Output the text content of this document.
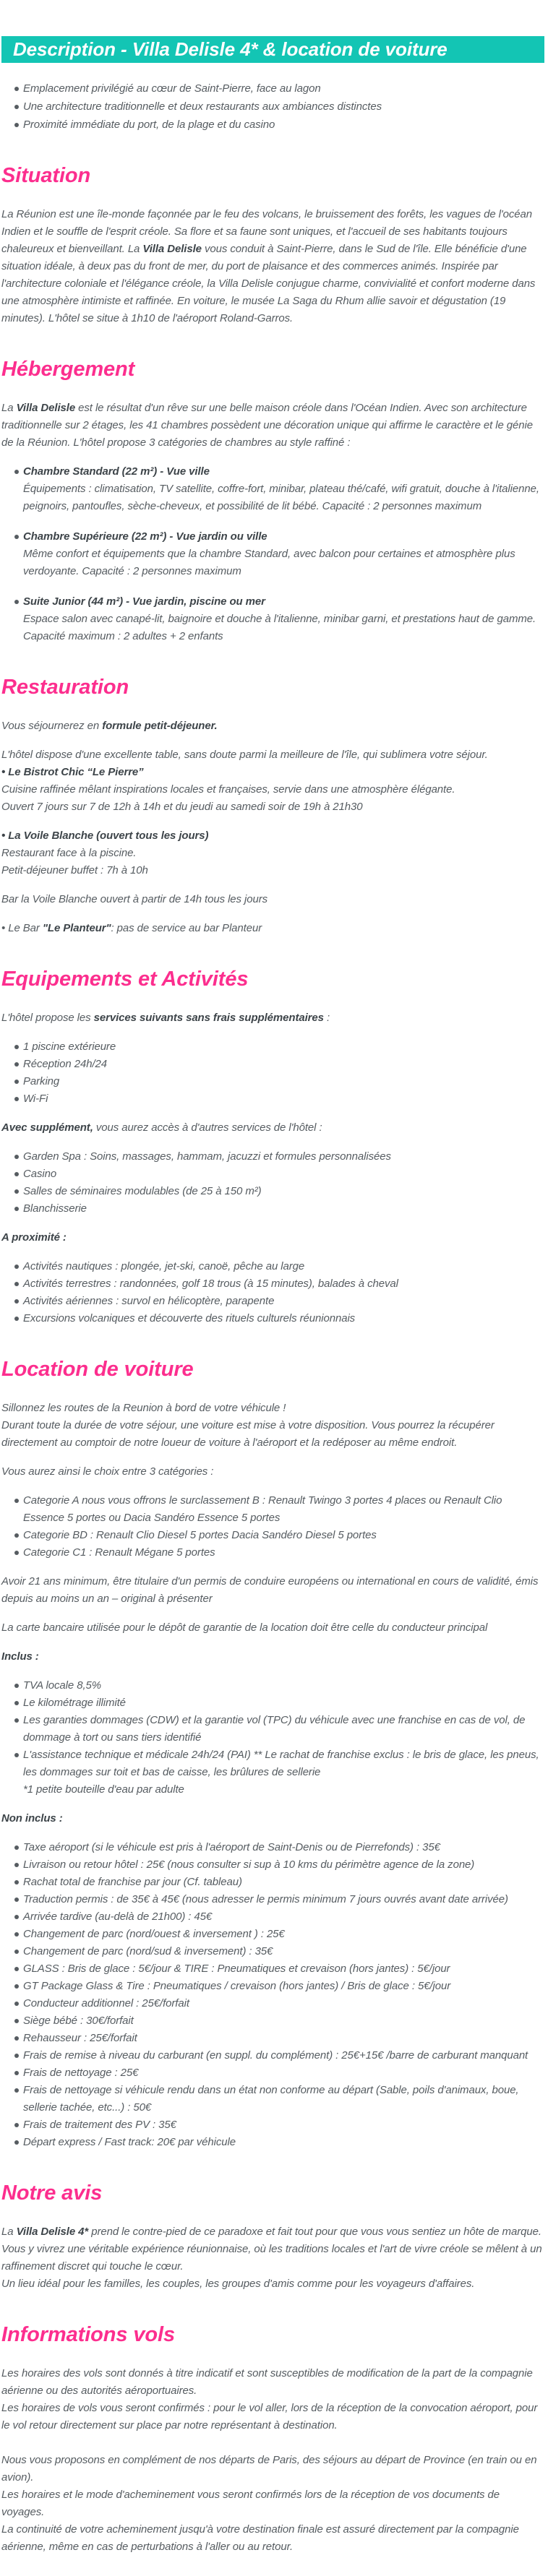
Description - Villa Delisle 4* & location de voiture
Emplacement privilégié au cœur de Saint-Pierre, face au lagon
Une architecture traditionnelle et deux restaurants aux ambiances distinctes
Proximité immédiate du port, de la plage et du casino
Situation

La Réunion est une île-monde façonnée par le feu des volcans, le bruissement des forêts, les vagues de l'océan Indien et le souffle de l'esprit créole. Sa flore et sa faune sont uniques, et l'accueil de ses habitants toujours chaleureux et bienveillant. La Villa Delisle vous conduit à Saint-Pierre, dans le Sud de l'île. Elle bénéficie d'une situation idéale, à deux pas du front de mer, du port de plaisance et des commerces animés. Inspirée par l'architecture coloniale et l'élégance créole, la Villa Delisle conjugue charme, convivialité et confort moderne dans une atmosphère intimiste et raffinée. En voiture, le musée La Saga du Rhum allie savoir et dégustation (19 minutes). L'hôtel se situe à 1h10 de l'aéroport Roland-Garros.

Hébergement

La Villa Delisle est le résultat d'un rêve sur une belle maison créole dans l'Océan Indien. Avec son architecture traditionnelle sur 2 étages, les 41 chambres possèdent une décoration unique qui affirme le caractère et le génie de la Réunion. L'hôtel propose 3 catégories de chambres au style raffiné :

Chambre Standard (22 m²) - Vue ville
Équipements : climatisation, TV satellite, coffre-fort, minibar, plateau thé/café, wifi gratuit, douche à l'italienne, peignoirs, pantoufles, sèche-cheveux, et possibilité de lit bébé. Capacité : 2 personnes maximum
Chambre Supérieure (22 m²) - Vue jardin ou ville
Même confort et équipements que la chambre Standard, avec balcon pour certaines et atmosphère plus verdoyante. Capacité : 2 personnes maximum
Suite Junior (44 m²) - Vue jardin, piscine ou mer
Espace salon avec canapé-lit, baignoire et douche à l'italienne, minibar garni, et prestations haut de gamme. Capacité maximum : 2 adultes + 2 enfants
Restauration

Vous séjournerez en formule petit-déjeuner.

L'hôtel dispose d'une excellente table, sans doute parmi la meilleure de l'île, qui sublimera votre séjour.

• Le Bistrot Chic “Le Pierre”

Cuisine raffinée mêlant inspirations locales et françaises, servie dans une atmosphère élégante.

Ouvert 7 jours sur 7 de 12h à 14h et du jeudi au samedi soir de 19h à 21h30

• La Voile Blanche (ouvert tous les jours)

Restaurant face à la piscine.

Petit-déjeuner buffet : 7h à 10h

Bar la Voile Blanche ouvert à partir de 14h tous les jours

• Le Bar "Le Planteur": pas de service au bar Planteur

Equipements et Activités

L'hôtel propose les services suivants sans frais supplémentaires :

1 piscine extérieure
Réception 24h/24
Parking
Wi-Fi

Avec supplément, vous aurez accès à d'autres services de l'hôtel :

Garden Spa : Soins, massages, hammam, jacuzzi et formules personnalisées
Casino
Salles de séminaires modulables (de 25 à 150 m²)
Blanchisserie

A proximité :

Activités nautiques : plongée, jet-ski, canoë, pêche au large
Activités terrestres : randonnées, golf 18 trous (à 15 minutes), balades à cheval
Activités aériennes : survol en hélicoptère, parapente
Excursions volcaniques et découverte des rituels culturels réunionnais
Location de voiture

Sillonnez les routes de la Reunion à bord de votre véhicule !

Durant toute la durée de votre séjour, une voiture est mise à votre disposition. Vous pourrez la récupérer directement au comptoir de notre loueur de voiture à l'aéroport et la redéposer au même endroit.

Vous aurez ainsi le choix entre 3 catégories :

Categorie A nous vous offrons le surclassement B : Renault Twingo 3 portes 4 places ou Renault Clio Essence 5 portes ou Dacia Sandéro Essence 5 portes
Categorie BD : Renault Clio Diesel 5 portes Dacia Sandéro Diesel 5 portes
Categorie C1 : Renault Mégane 5 portes

Avoir 21 ans minimum, être titulaire d'un permis de conduire européens ou international en cours de validité, émis depuis au moins un an – original à présenter

La carte bancaire utilisée pour le dépôt de garantie de la location doit être celle du conducteur principal

Inclus :

TVA locale 8,5%
Le kilométrage illimité
Les garanties dommages (CDW) et la garantie vol (TPC) du véhicule avec une franchise en cas de vol, de dommage à tort ou sans tiers identifié
L'assistance technique et médicale 24h/24 (PAI) ** Le rachat de franchise exclus : le bris de glace, les pneus, les dommages sur toit et bas de caisse, les brûlures de sellerie
*1 petite bouteille d'eau par adulte

Non inclus :

Taxe aéroport (si le véhicule est pris à l'aéroport de Saint-Denis ou de Pierrefonds) : 35€
Livraison ou retour hôtel : 25€ (nous consulter si sup à 10 kms du périmètre agence de la zone)
Rachat total de franchise par jour (Cf. tableau)
Traduction permis : de 35€ à 45€ (nous adresser le permis minimum 7 jours ouvrés avant date arrivée)
Arrivée tardive (au-delà de 21h00) : 45€
Changement de parc (nord/ouest & inversement ) : 25€
Changement de parc (nord/sud & inversement) : 35€
GLASS : Bris de glace : 5€/jour & TIRE : Pneumatiques et crevaison (hors jantes) : 5€/jour
GT Package Glass & Tire : Pneumatiques / crevaison (hors jantes) / Bris de glace : 5€/jour
Conducteur additionnel : 25€/forfait
Siège bébé : 30€/forfait
Rehausseur : 25€/forfait
Frais de remise à niveau du carburant (en suppl. du complément) : 25€+15€ /barre de carburant manquant
Frais de nettoyage : 25€
Frais de nettoyage si véhicule rendu dans un état non conforme au départ (Sable, poils d'animaux, boue, sellerie tachée, etc...) : 50€
Frais de traitement des PV : 35€
Départ express / Fast track: 20€ par véhicule
Notre avis

La Villa Delisle 4* prend le contre-pied de ce paradoxe et fait tout pour que vous vous sentiez un hôte de marque. Vous y vivrez une véritable expérience réunionnaise, où les traditions locales et l'art de vivre créole se mêlent à un raffinement discret qui touche le cœur.

Un lieu idéal pour les familles, les couples, les groupes d'amis comme pour les voyageurs d'affaires.

Informations vols

Les horaires des vols sont donnés à titre indicatif et sont susceptibles de modification de la part de la compagnie aérienne ou des autorités aéroportuaires.

Les horaires de vols vous seront confirmés : pour le vol aller, lors de la réception de la convocation aéroport, pour le vol retour directement sur place par notre représentant à destination.

Nous vous proposons en complément de nos départs de Paris, des séjours au départ de Province (en train ou en avion).

Les horaires et le mode d'acheminement vous seront confirmés lors de la réception de vos documents de voyages.

La continuité de votre acheminement jusqu'à votre destination finale est assuré directement par la compagnie aérienne, même en cas de perturbations à l'aller ou au retour.
